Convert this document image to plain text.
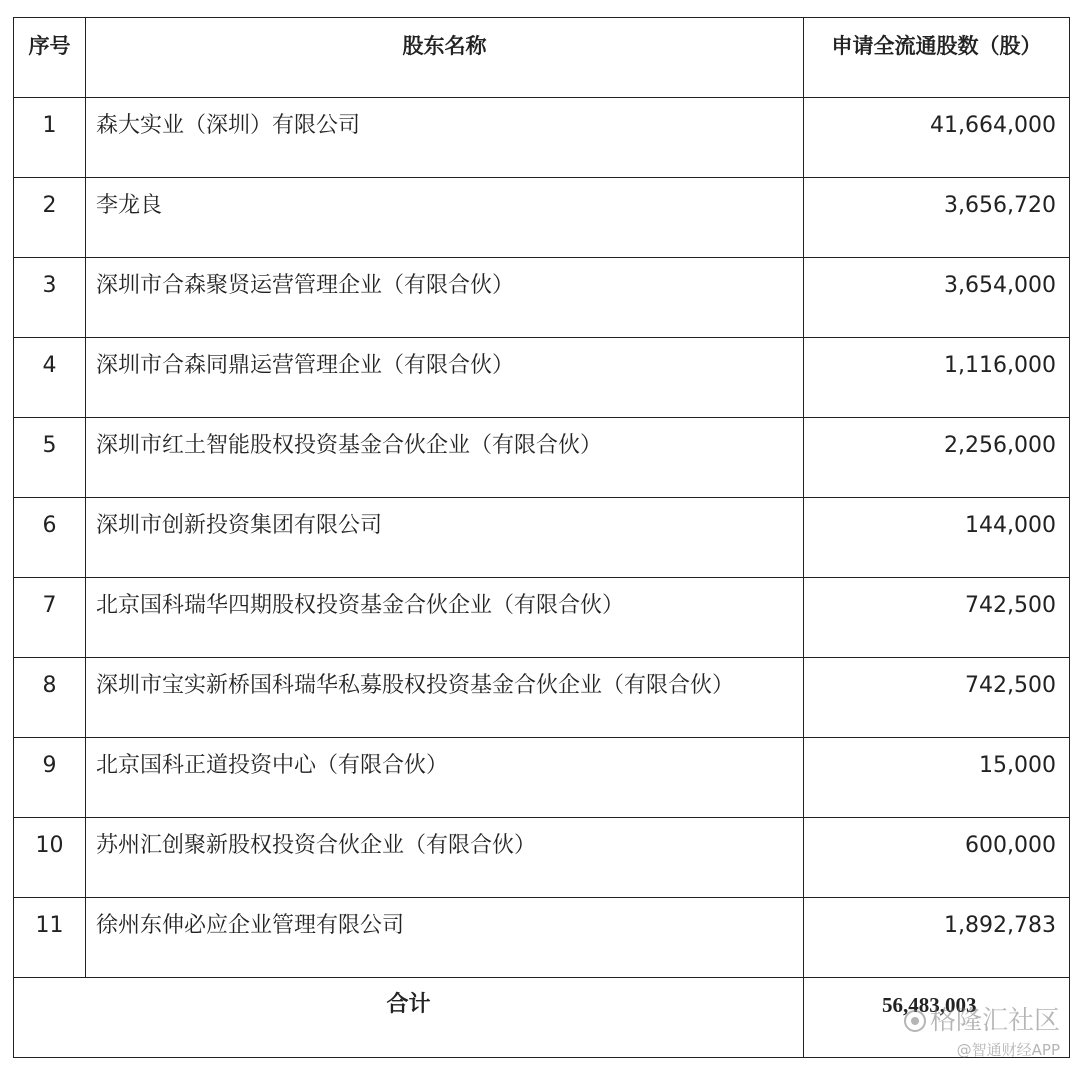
序号	股东名称	申请全流通股数（股）
1	森大实业（深圳）有限公司	41,664,000
2	李龙良	3,656,720
3	深圳市合森聚贤运营管理企业（有限合伙）	3,654,000
4	深圳市合森同鼎运营管理企业（有限合伙）	1,116,000
5	深圳市红土智能股权投资基金合伙企业（有限合伙）	2,256,000
6	深圳市创新投资集团有限公司	144,000
7	北京国科瑞华四期股权投资基金合伙企业（有限合伙）	742,500
8	深圳市宝实新桥国科瑞华私募股权投资基金合伙企业（有限合伙）	742,500
9	北京国科正道投资中心（有限合伙）	15,000
10	苏州汇创聚新股权投资合伙企业（有限合伙）	600,000
11	徐州东伸必应企业管理有限公司	1,892,783
合计		56,483,003
格隆汇社区
@智通财经APP
